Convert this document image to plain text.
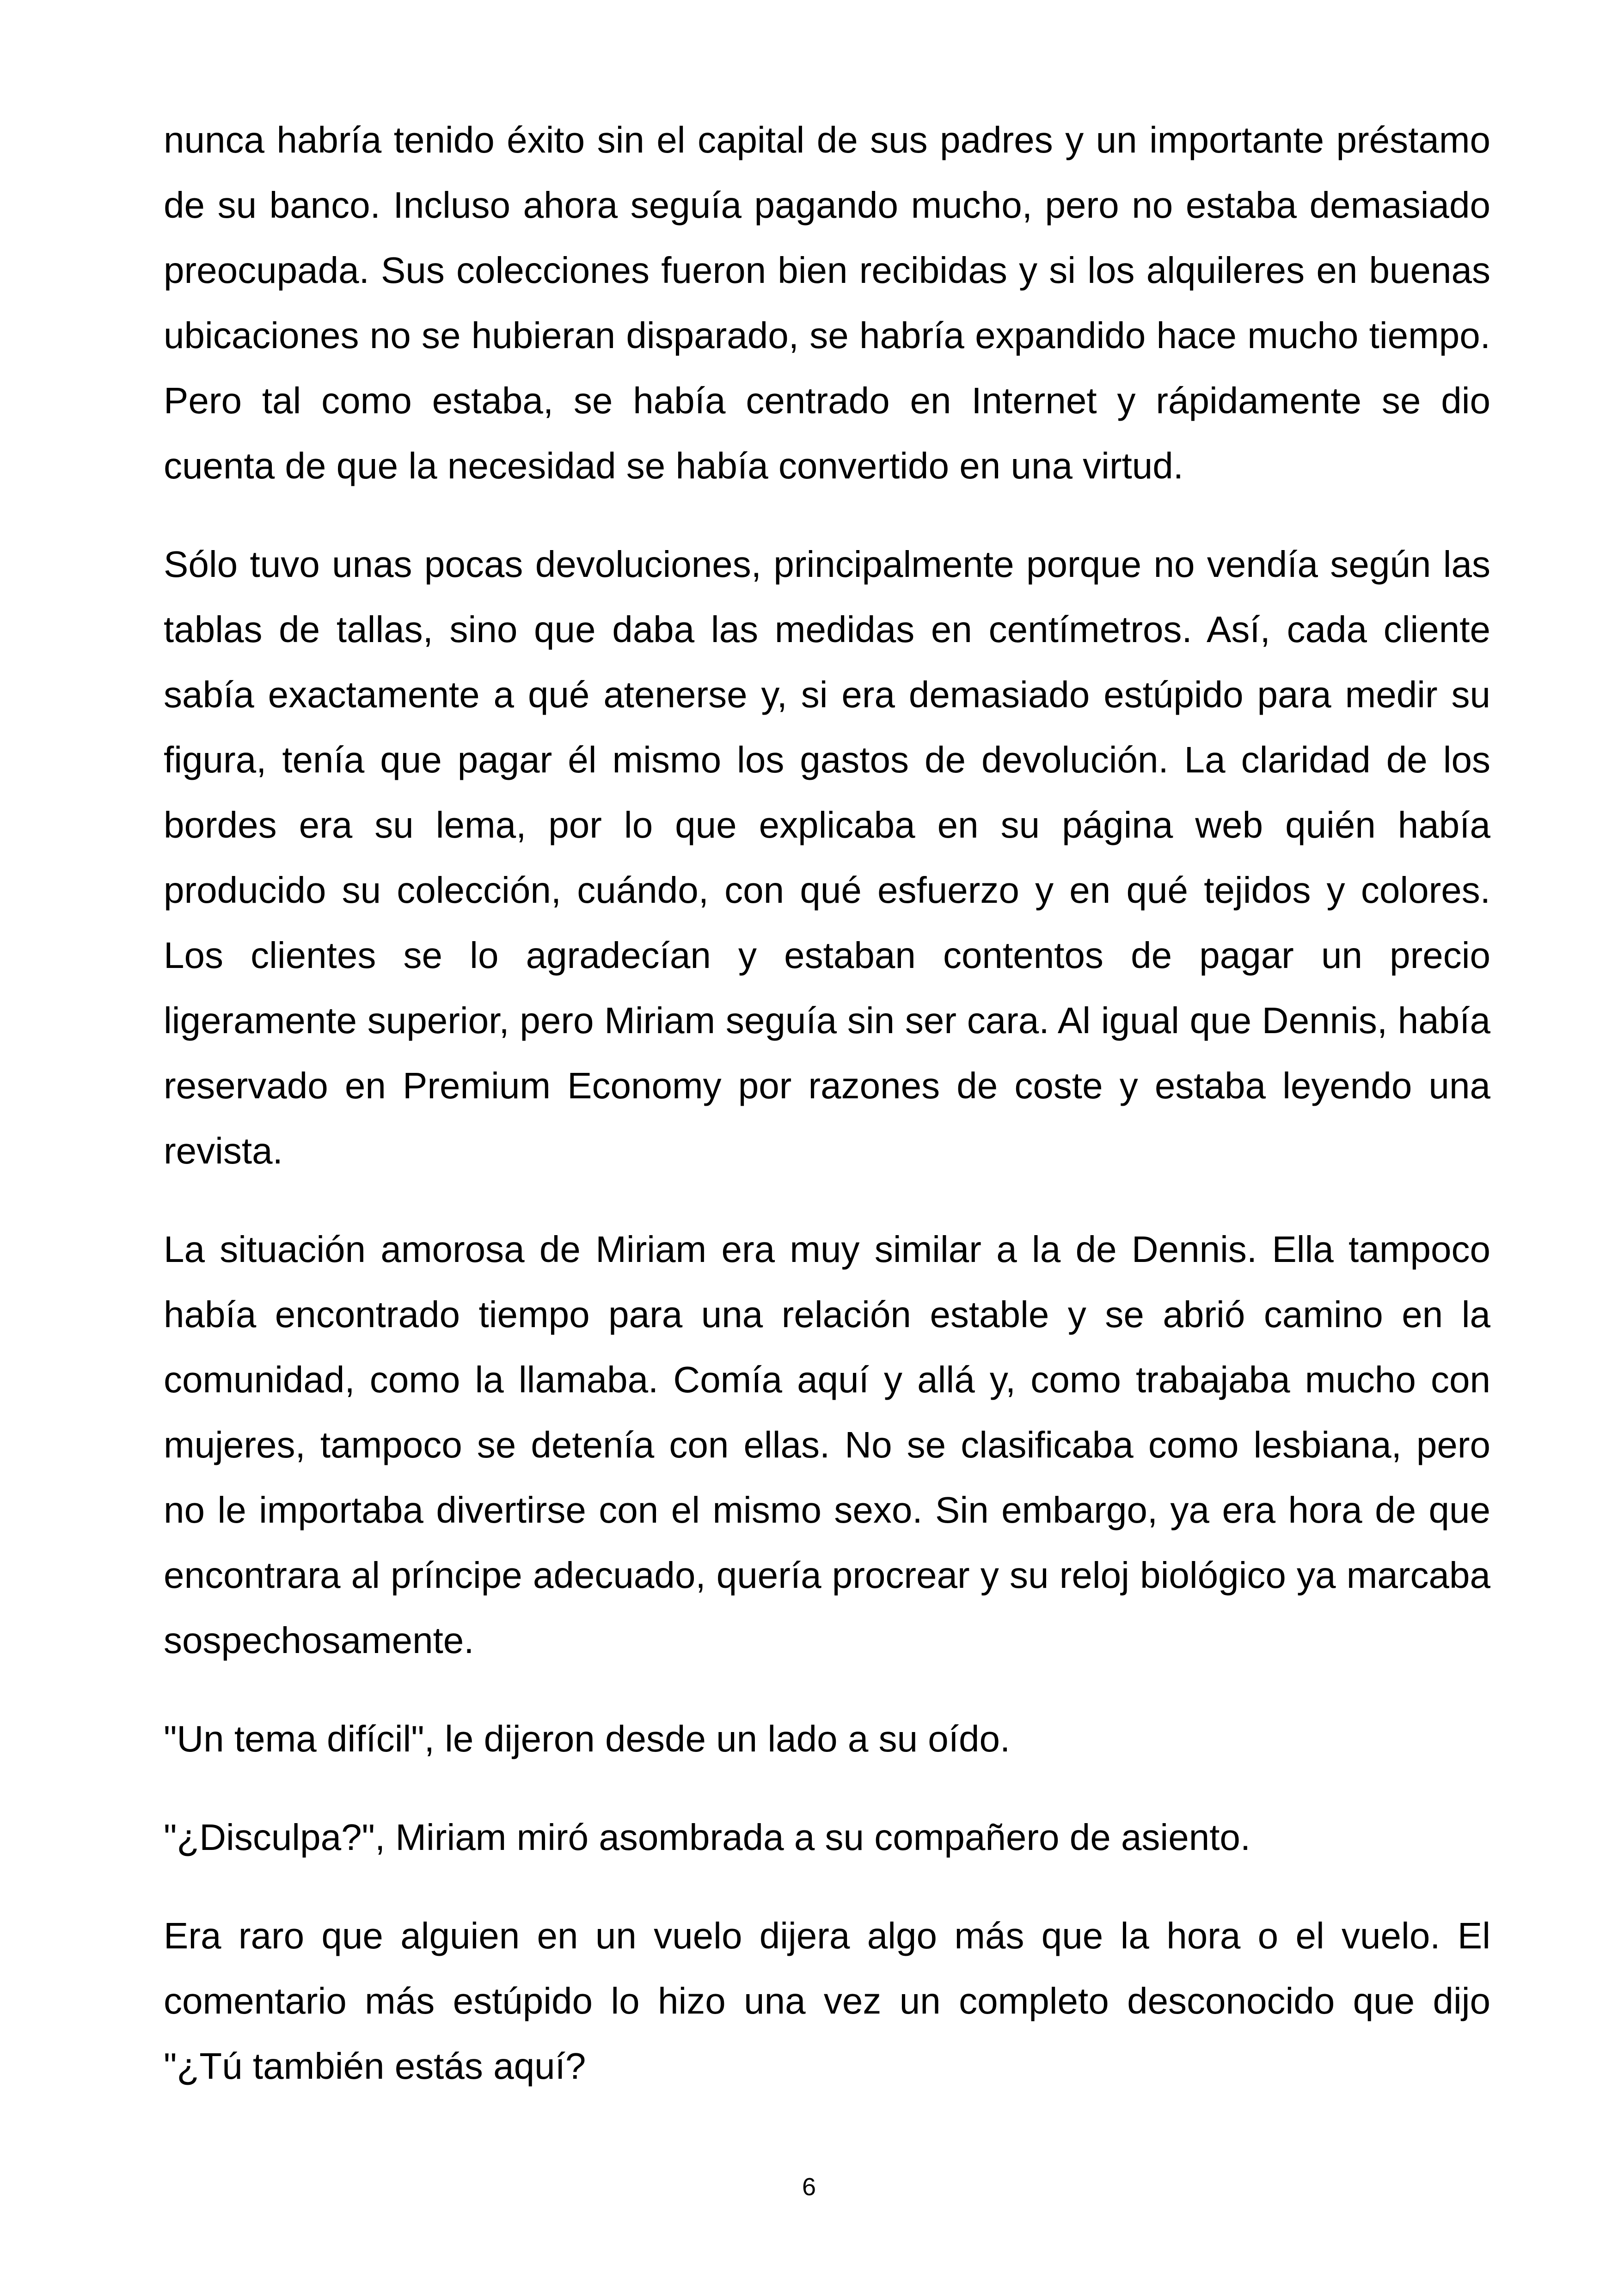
nunca habría tenido éxito sin el capital de sus padres y un importante préstamo de su banco. Incluso ahora seguía pagando mucho, pero no estaba demasiado preocupada. Sus colecciones fueron bien recibidas y si los alquileres en buenas ubicaciones no se hubieran disparado, se habría expandido hace mucho tiempo. Pero tal como estaba, se había centrado en Internet y rápidamente se dio cuenta de que la necesidad se había convertido en una virtud.

Sólo tuvo unas pocas devoluciones, principalmente porque no vendía según las tablas de tallas, sino que daba las medidas en centímetros. Así, cada cliente sabía exactamente a qué atenerse y, si era demasiado estúpido para medir su figura, tenía que pagar él mismo los gastos de devolución. La claridad de los bordes era su lema, por lo que explicaba en su página web quién había producido su colección, cuándo, con qué esfuerzo y en qué tejidos y colores. Los clientes se lo agradecían y estaban contentos de pagar un precio ligeramente superior, pero Miriam seguía sin ser cara. Al igual que Dennis, había reservado en Premium Economy por razones de coste y estaba leyendo una revista.

La situación amorosa de Miriam era muy similar a la de Dennis. Ella tampoco había encontrado tiempo para una relación estable y se abrió camino en la comunidad, como la llamaba. Comía aquí y allá y, como trabajaba mucho con mujeres, tampoco se detenía con ellas. No se clasificaba como lesbiana, pero no le importaba divertirse con el mismo sexo. Sin embargo, ya era hora de que encontrara al príncipe adecuado, quería procrear y su reloj biológico ya marcaba sospechosamente.

"Un tema difícil", le dijeron desde un lado a su oído.

"¿Disculpa?", Miriam miró asombrada a su compañero de asiento.

Era raro que alguien en un vuelo dijera algo más que la hora o el vuelo. El comentario más estúpido lo hizo una vez un completo desconocido que dijo "¿Tú también estás aquí?

6
